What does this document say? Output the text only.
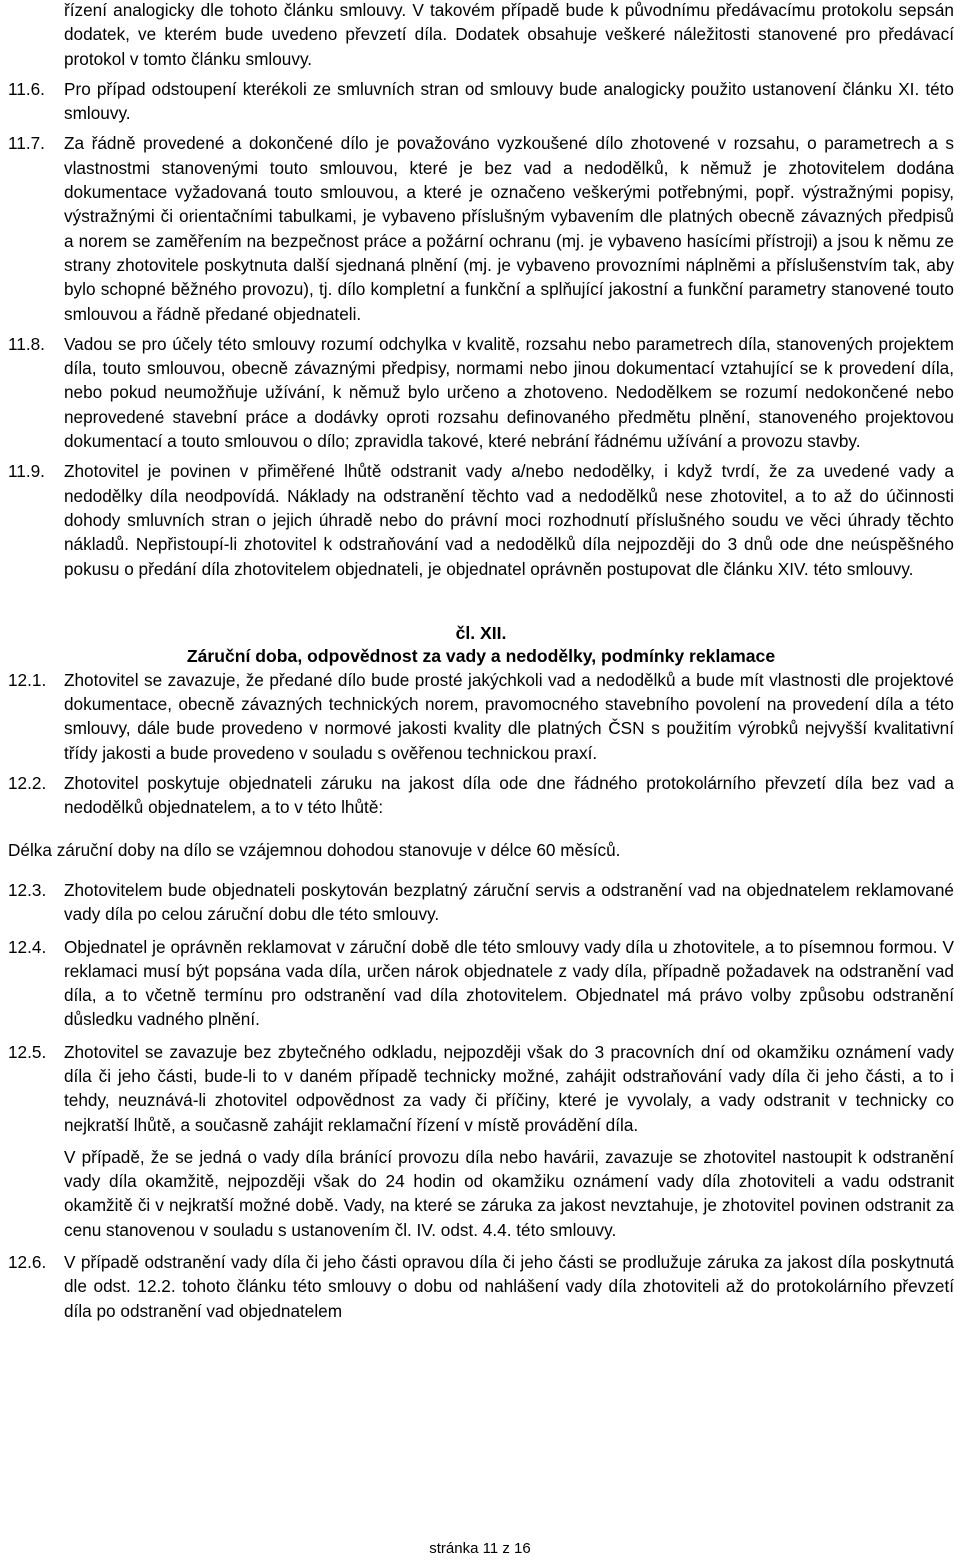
řízení analogicky dle tohoto článku smlouvy. V takovém případě bude k původnímu předávacímu protokolu sepsán dodatek, ve kterém bude uvedeno převzetí díla. Dodatek obsahuje veškeré náležitosti stanovené pro předávací protokol v tomto článku smlouvy.
11.6.	Pro případ odstoupení kterékoli ze smluvních stran od smlouvy bude analogicky použito ustanovení článku XI. této smlouvy.
11.7.	Za řádně provedené a dokončené dílo je považováno vyzkoušené dílo zhotovené v rozsahu, o parametrech a s vlastnostmi stanovenými touto smlouvou, které je bez vad a nedodělků, k němuž je zhotovitelem dodána dokumentace vyžadovaná touto smlouvou, a které je označeno veškerými potřebnými, popř. výstražnými popisy, výstražnými či orientačními tabulkami, je vybaveno příslušným vybavením dle platných obecně závazných předpisů a norem se zaměřením na bezpečnost práce a požární ochranu (mj. je vybaveno hasícími přístroji) a jsou k němu ze strany zhotovitele poskytnuta další sjednaná plnění (mj. je vybaveno provozními náplněmi a příslušenstvím tak, aby bylo schopné běžného provozu), tj. dílo kompletní a funkční a splňující jakostní a funkční parametry stanovené touto smlouvou a řádně předané objednateli.
11.8.	Vadou se pro účely této smlouvy rozumí odchylka v kvalitě, rozsahu nebo parametrech díla, stanovených projektem díla, touto smlouvou, obecně závaznými předpisy, normami nebo jinou dokumentací vztahující se k provedení díla, nebo pokud neumožňuje užívání, k němuž bylo určeno a zhotoveno. Nedodělkem se rozumí nedokončené nebo neprovedené stavební práce a dodávky oproti rozsahu definovaného předmětu plnění, stanoveného projektovou dokumentací a touto smlouvou o dílo; zpravidla takové, které nebrání řádnému užívání a provozu stavby.
11.9.	Zhotovitel je povinen v přiměřené lhůtě odstranit vady a/nebo nedodělky, i když tvrdí, že za uvedené vady a nedodělky díla neodpovídá. Náklady na odstranění těchto vad a nedodělků nese zhotovitel, a to až do účinnosti dohody smluvních stran o jejich úhradě nebo do právní moci rozhodnutí příslušného soudu ve věci úhrady těchto nákladů. Nepřistoupí-li zhotovitel k odstraňování vad a nedodělků díla nejpozději do 3 dnů ode dne neúspěšného pokusu o předání díla zhotovitelem objednateli, je objednatel oprávněn postupovat dle článku XIV. této smlouvy.
čl. XII.
Záruční doba, odpovědnost za vady a nedodělky, podmínky reklamace
12.1.	Zhotovitel se zavazuje, že předané dílo bude prosté jakýchkoli vad a nedodělků a bude mít vlastnosti dle projektové dokumentace, obecně závazných technických norem, pravomocného stavebního povolení na provedení díla a této smlouvy, dále bude provedeno v normové jakosti kvality dle platných ČSN s použitím výrobků nejvyšší kvalitativní třídy jakosti a bude provedeno v souladu s ověřenou technickou praxí.
12.2.	Zhotovitel poskytuje objednateli záruku na jakost díla ode dne řádného protokolárního převzetí díla bez vad a nedodělků objednatelem, a to v této lhůtě:
Délka záruční doby na dílo se vzájemnou dohodou stanovuje v délce 60 měsíců.
12.3.	Zhotovitelem bude objednateli poskytován bezplatný záruční servis a odstranění vad na objednatelem reklamované vady díla po celou záruční dobu dle této smlouvy.
12.4.	Objednatel je oprávněn reklamovat v záruční době dle této smlouvy vady díla u zhotovitele, a to písemnou formou. V reklamaci musí být popsána vada díla, určen nárok objednatele z vady díla, případně požadavek na odstranění vad díla, a to včetně termínu pro odstranění vad díla zhotovitelem. Objednatel má právo volby způsobu odstranění důsledku vadného plnění.
12.5.	Zhotovitel se zavazuje bez zbytečného odkladu, nejpozději však do 3 pracovních dní od okamžiku oznámení vady díla či jeho části, bude-li to v daném případě technicky možné, zahájit odstraňování vady díla či jeho části, a to i tehdy, neuznává-li zhotovitel odpovědnost za vady či příčiny, které je vyvolaly, a vady odstranit v technicky co nejkratší lhůtě, a současně zahájit reklamační řízení v místě provádění díla.
V případě, že se jedná o vady díla bránící provozu díla nebo havárii, zavazuje se zhotovitel nastoupit k odstranění vady díla okamžitě, nejpozději však do 24 hodin od okamžiku oznámení vady díla zhotoviteli a vadu odstranit okamžitě či v nejkratší možné době. Vady, na které se záruka za jakost nevztahuje, je zhotovitel povinen odstranit za cenu stanovenou v souladu s ustanovením čl. IV. odst. 4.4. této smlouvy.
12.6.	V případě odstranění vady díla či jeho části opravou díla či jeho části se prodlužuje záruka za jakost díla poskytnutá dle odst. 12.2. tohoto článku této smlouvy o dobu od nahlášení vady díla zhotoviteli až do protokolárního převzetí díla po odstranění vad objednatelem
stránka 11 z 16
